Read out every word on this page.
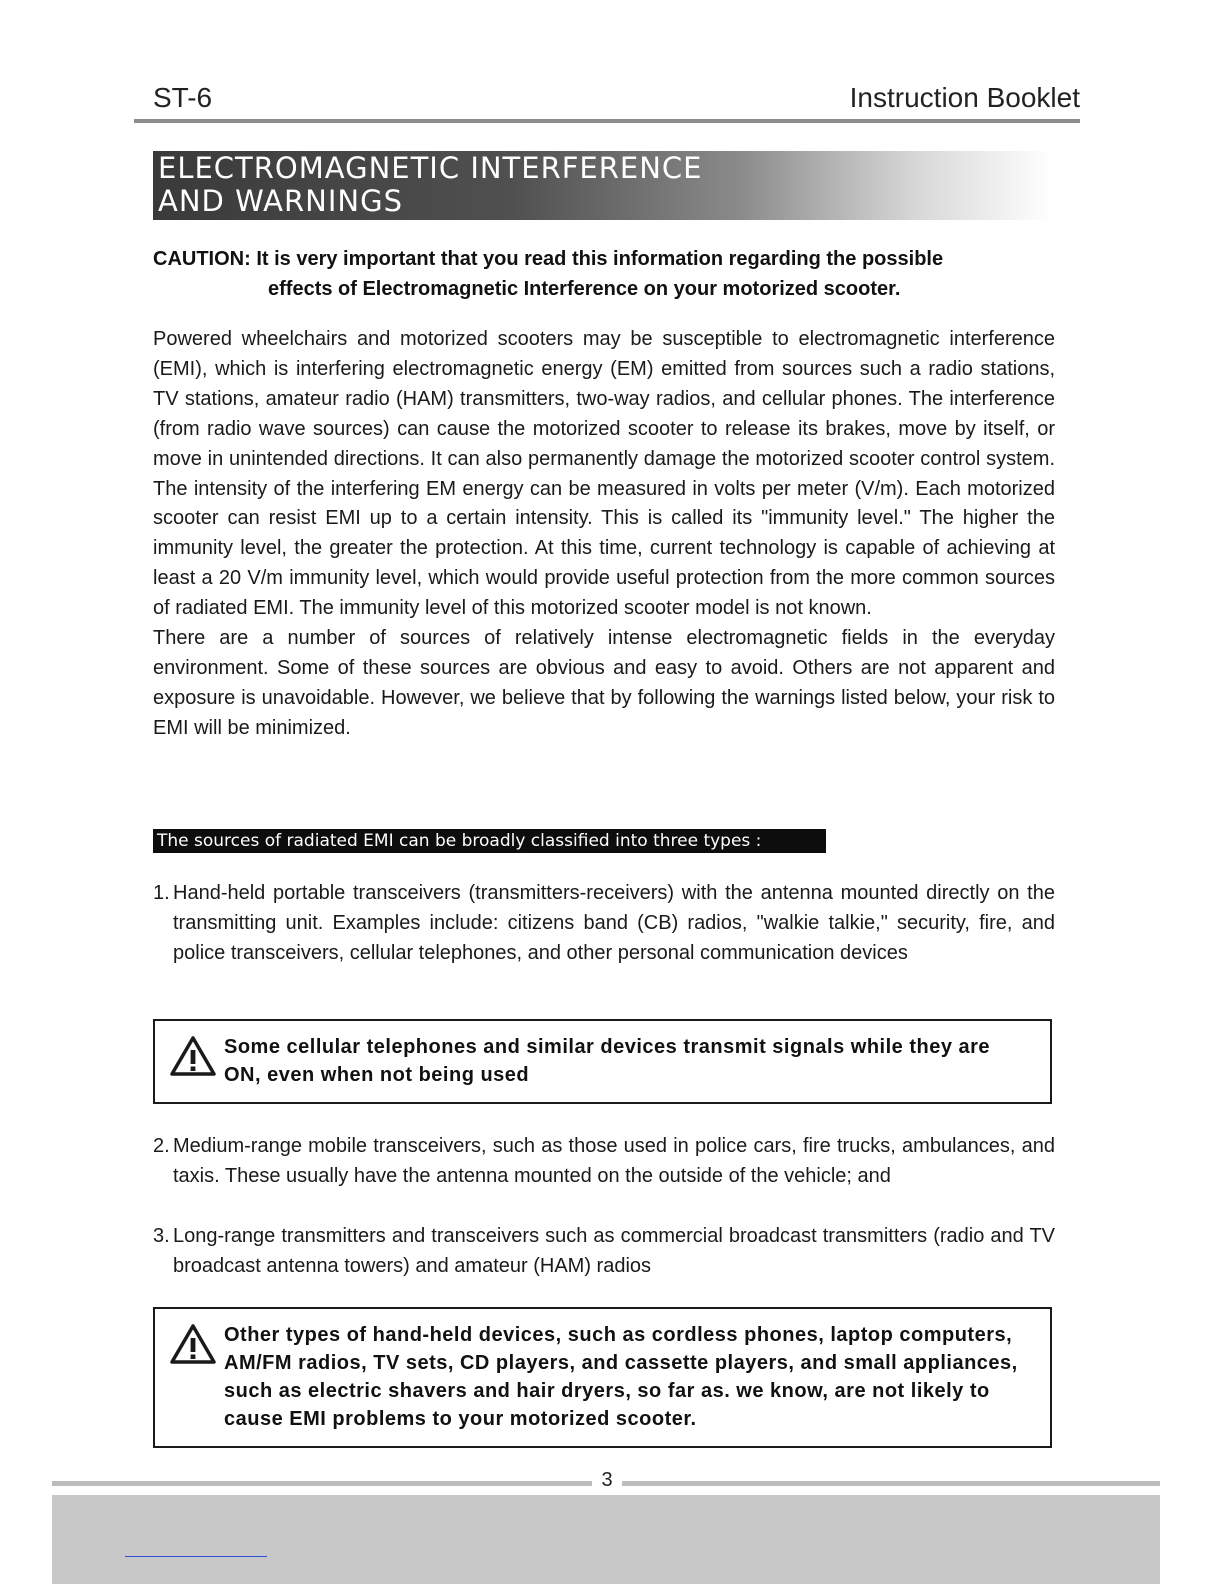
ST-6	Instruction Booklet
ELECTROMAGNETIC INTERFERENCE
AND WARNINGS
CAUTION: It is very important that you read this information regarding the possible
effects of Electromagnetic Interference on your motorized scooter.

Powered wheelchairs and motorized scooters may be susceptible to electromagnetic interference (EMI), which is interfering electromagnetic energy (EM) emitted from sources such a radio stations, TV stations, amateur radio (HAM) transmitters, two-way radios, and cellular phones. The interference (from radio wave sources) can cause the motorized scooter to release its brakes, move by itself, or move in unintended directions. It can also permanently damage the motorized scooter control system. The intensity of the interfering EM energy can be measured in volts per meter (V/m). Each motorized scooter can resist EMI up to a certain intensity. This is called its "immunity level." The higher the immunity level, the greater the protection. At this time, current technology is capable of achieving at least a 20 V/m immunity level, which would provide useful protection from the more common sources of radiated EMI. The immunity level of this motorized scooter model is not known.

There are a number of sources of relatively intense electromagnetic fields in the everyday environment. Some of these sources are obvious and easy to avoid. Others are not apparent and exposure is unavoidable. However, we believe that by following the warnings listed below, your risk to EMI will be minimized.

The sources of radiated EMI can be broadly classified into three types :
1. Hand-held portable transceivers (transmitters-receivers) with the antenna mounted directly on the transmitting unit. Examples include: citizens band (CB) radios, "walkie talkie," security, fire, and police transceivers, cellular telephones, and other personal communication devices
Some cellular telephones and similar devices transmit signals while they are ON, even when not being used
2. Medium-range mobile transceivers, such as those used in police cars, fire trucks, ambulances, and taxis. These usually have the antenna mounted on the outside of the vehicle; and
3. Long-range transmitters and transceivers such as commercial broadcast transmitters (radio and TV broadcast antenna towers) and amateur (HAM) radios
Other types of hand-held devices, such as cordless phones, laptop computers, AM/FM radios, TV sets, CD players, and cassette players, and small appliances, such as electric shavers and hair dryers, so far as. we know, are not likely to cause EMI problems to your motorized scooter.
3
